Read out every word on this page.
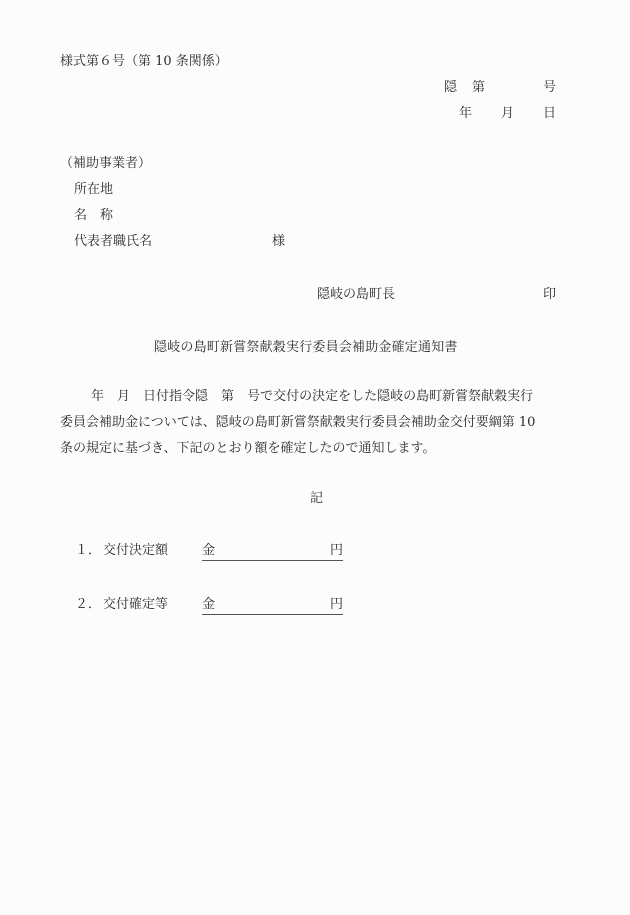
様式第６号（第 10 条関係）
隠 第	号
年 月 日
（補助事業者）
所在地
名 称
代表者職氏名	様
隠岐の島町長	印
隠岐の島町新嘗祭献穀実行委員会補助金確定通知書
年 月 日付指令隠 第 号で交付の決定をした隠岐の島町新嘗祭献穀実行
委員会補助金については、隠岐の島町新嘗祭献穀実行委員会補助金交付要綱第 10
条の規定に基づき、下記のとおり額を確定したので通知します。
記
１． 交付決定額	金	円
２． 交付確定等	金	円
